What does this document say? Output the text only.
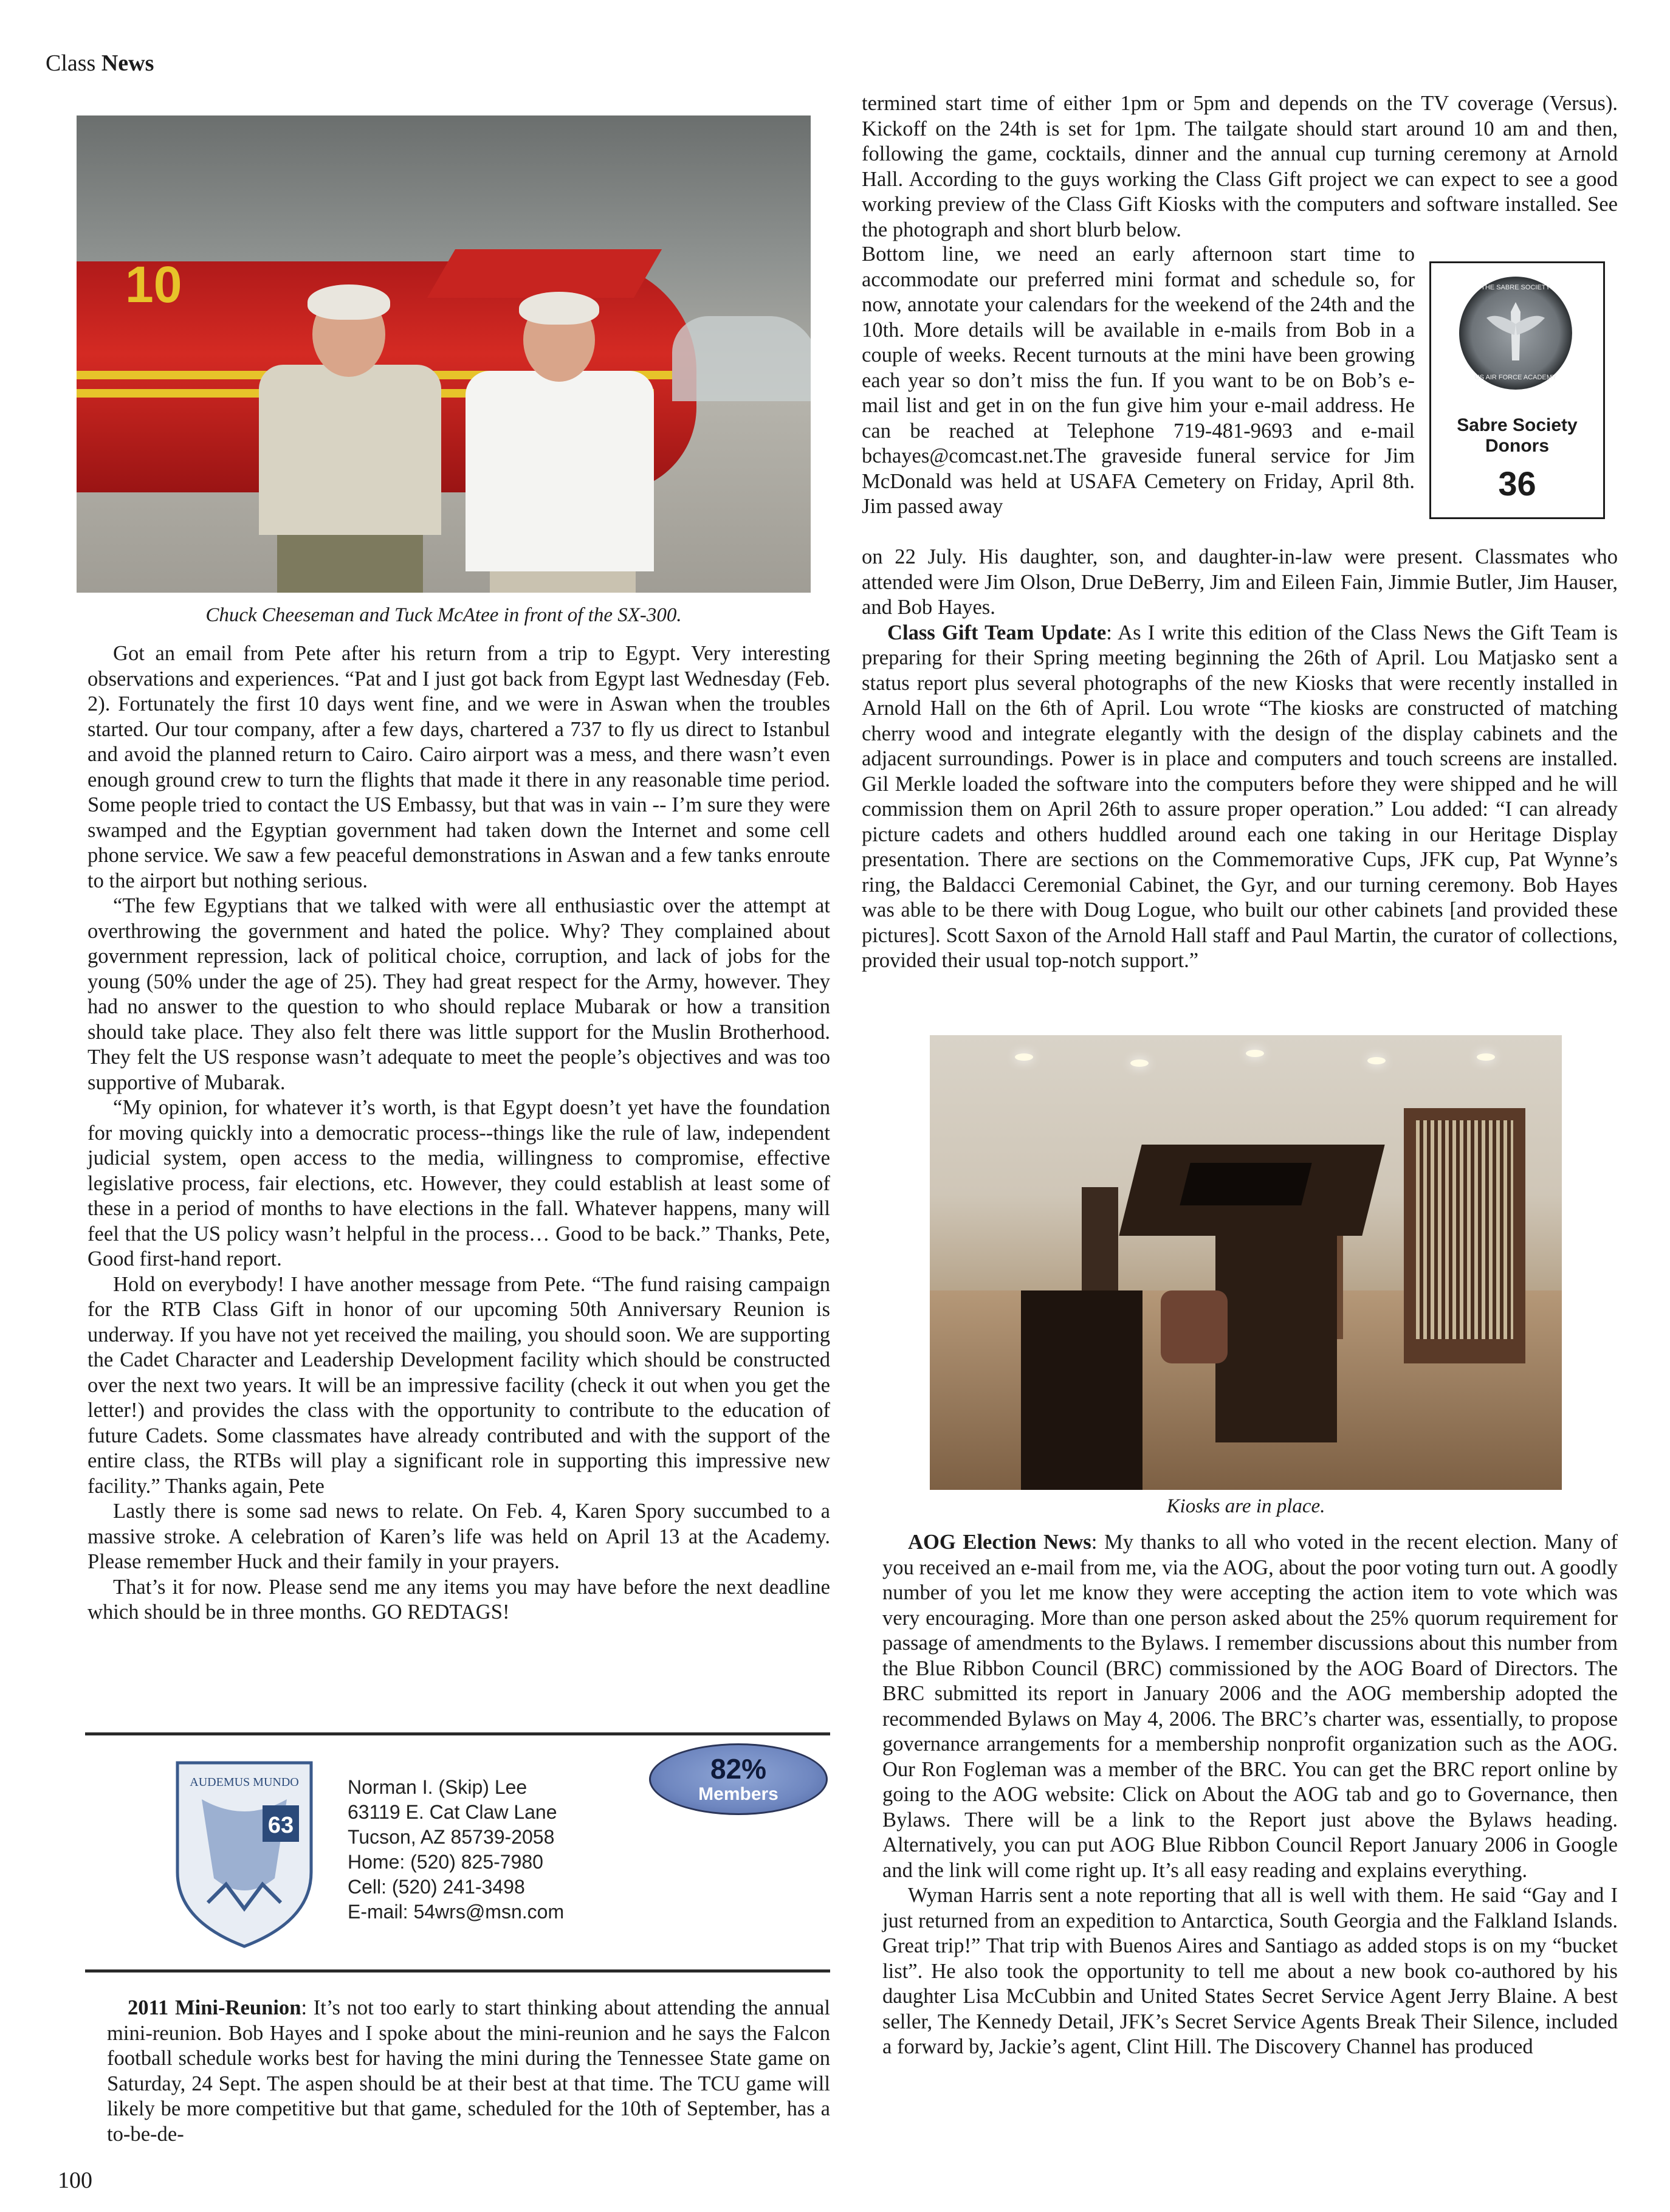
Class News
10
Chuck Cheeseman and Tuck McAtee in front of the SX-300.

Got an email from Pete after his return from a trip to Egypt. Very interesting observations and experiences. “Pat and I just got back from Egypt last Wednesday (Feb. 2). Fortunately the first 10 days went fine, and we were in Aswan when the troubles started. Our tour company, after a few days, chartered a 737 to fly us direct to Istanbul and avoid the planned return to Cairo. Cairo airport was a mess, and there wasn’t even enough ground crew to turn the flights that made it there in any reasonable time period. Some people tried to contact the US Embassy, but that was in vain -- I’m sure they were swamped and the Egyptian government had taken down the Internet and some cell phone service. We saw a few peaceful demonstrations in Aswan and a few tanks enroute to the airport but nothing serious.

“The few Egyptians that we talked with were all enthusiastic over the attempt at overthrowing the government and hated the police. Why? They complained about government repression, lack of political choice, corruption, and lack of jobs for the young (50% under the age of 25). They had great respect for the Army, however. They had no answer to the question to who should replace Mubarak or how a transition should take place. They also felt there was little support for the Muslin Brotherhood. They felt the US response wasn’t adequate to meet the people’s objectives and was too supportive of Mubarak.

“My opinion, for whatever it’s worth, is that Egypt doesn’t yet have the foundation for moving quickly into a democratic process--things like the rule of law, independent judicial system, open access to the media, willingness to compromise, effective legislative process, fair elections, etc. However, they could establish at least some of these in a period of months to have elections in the fall. Whatever happens, many will feel that the US policy wasn’t helpful in the process… Good to be back.” Thanks, Pete, Good first-hand report.

Hold on everybody! I have another message from Pete. “The fund raising campaign for the RTB Class Gift in honor of our upcoming 50th Anniversary Reunion is underway. If you have not yet received the mailing, you should soon. We are supporting the Cadet Character and Leadership Development facility which should be constructed over the next two years. It will be an impressive facility (check it out when you get the letter!) and provides the class with the opportunity to contribute to the education of future Cadets. Some classmates have already contributed and with the support of the entire class, the RTBs will play a significant role in supporting this impressive new facility.” Thanks again, Pete

Lastly there is some sad news to relate. On Feb. 4, Karen Spory succumbed to a massive stroke. A celebration of Karen’s life was held on April 13 at the Academy. Please remember Huck and their family in your prayers.

That’s it for now. Please send me any items you may have before the next deadline which should be in three months. GO REDTAGS!

AUDEMUS MUNDO
63
Norman I. (Skip) Lee
63119 E. Cat Claw Lane
Tucson, AZ 85739-2058
Home: (520) 825-7980
Cell: (520) 241-3498
E-mail: 54wrs@msn.com
82%
Members

2011 Mini-Reunion: It’s not too early to start thinking about attending the annual mini-reunion. Bob Hayes and I spoke about the mini-reunion and he says the Falcon football schedule works best for having the mini during the Tennessee State game on Saturday, 24 Sept. The aspen should be at their best at that time. The TCU game will likely be more competitive but that game, scheduled for the 10th of September, has a to-be-de-

termined start time of either 1pm or 5pm and depends on the TV coverage (Versus). Kickoff on the 24th is set for 1pm. The tailgate should start around 10 am and then, following the game, cocktails, dinner and the annual cup turning ceremony at Arnold Hall. According to the guys working the Class Gift project we can expect to see a good working preview of the Class Gift Kiosks with the computers and software installed. See the photograph and short blurb below.

Bottom line, we need an early afternoon start time to accommodate our preferred mini format and schedule so, for now, annotate your calendars for the weekend of the 24th and the 10th. More details will be available in e-mails from Bob in a couple of weeks. Recent turnouts at the mini have been growing each year so don’t miss the fun. If you want to be on Bob’s e-mail list and get in on the fun give him your e-mail address. He can be reached at Telephone 719-481-9693 and e-mail bchayes@comcast.net.The graveside funeral service for Jim McDonald was held at USAFA Cemetery on Friday, April 8th. Jim passed away

on 22 July. His daughter, son, and daughter-in-law were present. Classmates who attended were Jim Olson, Drue DeBerry, Jim and Eileen Fain, Jimmie Butler, Jim Hauser, and Bob Hayes.

Class Gift Team Update: As I write this edition of the Class News the Gift Team is preparing for their Spring meeting beginning the 26th of April. Lou Matjasko sent a status report plus several photographs of the new Kiosks that were recently installed in Arnold Hall on the 6th of April. Lou wrote “The kiosks are constructed of matching cherry wood and integrate elegantly with the design of the display cabinets and the adjacent surroundings. Power is in place and computers and touch screens are installed. Gil Merkle loaded the software into the computers before they were shipped and he will commission them on April 26th to assure proper operation.” Lou added: “I can already picture cadets and others huddled around each one taking in our Heritage Display presentation. There are sections on the Commemorative Cups, JFK cup, Pat Wynne’s ring, the Baldacci Ceremonial Cabinet, the Gyr, and our turning ceremony. Bob Hayes was able to be there with Doug Logue, who built our other cabinets [and provided these pictures]. Scott Saxon of the Arnold Hall staff and Paul Martin, the curator of collections, provided their usual top-notch support.”

THE SABRE SOCIETY
US AIR FORCE ACADEMY
Sabre Society
Donors
36
Kiosks are in place.

AOG Election News: My thanks to all who voted in the recent election. Many of you received an e-mail from me, via the AOG, about the poor voting turn out. A goodly number of you let me know they were accepting the action item to vote which was very encouraging. More than one person asked about the 25% quorum requirement for passage of amendments to the Bylaws. I remember discussions about this number from the Blue Ribbon Council (BRC) commissioned by the AOG Board of Directors. The BRC submitted its report in January 2006 and the AOG membership adopted the recommended Bylaws on May 4, 2006. The BRC’s charter was, essentially, to propose governance arrangements for a membership nonprofit organization such as the AOG. Our Ron Fogleman was a member of the BRC. You can get the BRC report online by going to the AOG website: Click on About the AOG tab and go to Governance, then Bylaws. There will be a link to the Report just above the Bylaws heading. Alternatively, you can put AOG Blue Ribbon Council Report January 2006 in Google and the link will come right up. It’s all easy reading and explains everything.

Wyman Harris sent a note reporting that all is well with them. He said “Gay and I just returned from an expedition to Antarctica, South Georgia and the Falkland Islands. Great trip!” That trip with Buenos Aires and Santiago as added stops is on my “bucket list”. He also took the opportunity to tell me about a new book co-authored by his daughter Lisa McCubbin and United States Secret Service Agent Jerry Blaine. A best seller, The Kennedy Detail, JFK’s Secret Service Agents Break Their Silence, included a forward by, Jackie’s agent, Clint Hill. The Discovery Channel has produced

100
